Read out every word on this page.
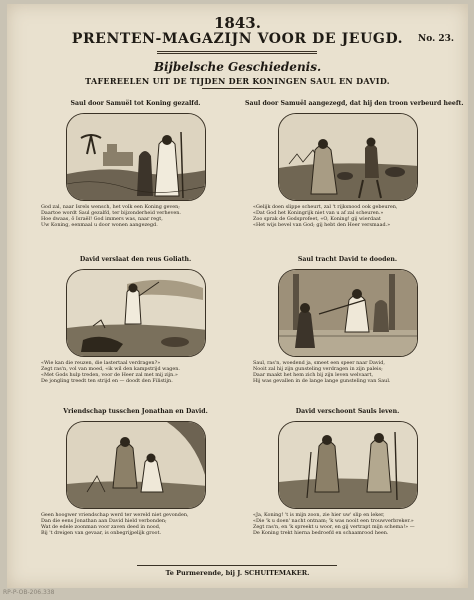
1843.
PRENTEN-MAGAZIJN VOOR DE JEUGD.	No. 23.
Bijbelsche Geschiedenis.
TAFEREELEN UIT DE TIJDEN DER KONINGEN SAUL EN DAVID.
Saul door Samuël tot Koning gezalfd.
God zal, naar Isrels wensch, het volk een Koning geven;
Daartoe wordt Saul gezalfd, ter bijzonderheid verheven.
Hoe dwaas, ô Israël! God immers was, naar regt,
Uw Koning, eenmaal u door wonen aangezegd.
Saul door Samuël aangezegd, dat hij den troon verbeurd heeft.
«Gelijk doen slippe scheurt, zal 't rijksnood ook gebeuren,
«Dat God het Koningrijk niet van u af zal scheuren.»
Zoo sprak de Godsprofeet, «O, Koning! gij wierdaat
«Het wijs bevel van God; gij hebt den Heer versmaad.»
David verslaat den reus Goliath.
«Wie kan die reuzen, die lastertaal verdragen?»
Zegt ras'n, vol van moed, «ik wil den kampstrijd wagen.
«Met Gods hulp treden, voor de Heer zal met mij zijn.»
De jongling treedt ten strijd en — doodt den Filistijn.
Saul tracht David te dooden.
Saul, ras'n, woedend ja, smeet een speer naar David,
Nooit zal hij zijn gunsteling verdragen in zijn paleis;
Daar maakt het hem zich bij zijn leven welvaart,
Hij was gevallen in de lange lange gunsteling van Saul.
Vriendschap tusschen Jonathan en David.
Geen hoogwer vriendschap werd ter wereld niet gevonden,
Dan die eens Jonathan aan David hield verbonden;
Wat de edele zoonman voor zaven deed in nood,
Bij 't dreigen van gevaar, is onbegrijpelijk groot.
David verschoont Sauls leven.
«Ja, Koning! 't is mijn zoon, zie hier uw' slip en leker,
«Die 'k u doen' nacht ontnam; 'k was nooit een trouwverbreker.»
Zegt ras'n, en 'k spreekt u woor, en gij vertrapt mijn schema!» —
De Koning trekt hierna bedroefd en schaamrood heen.
Te Purmerende, bij J. SCHUITEMAKER.
RP-P-OB-206.338
